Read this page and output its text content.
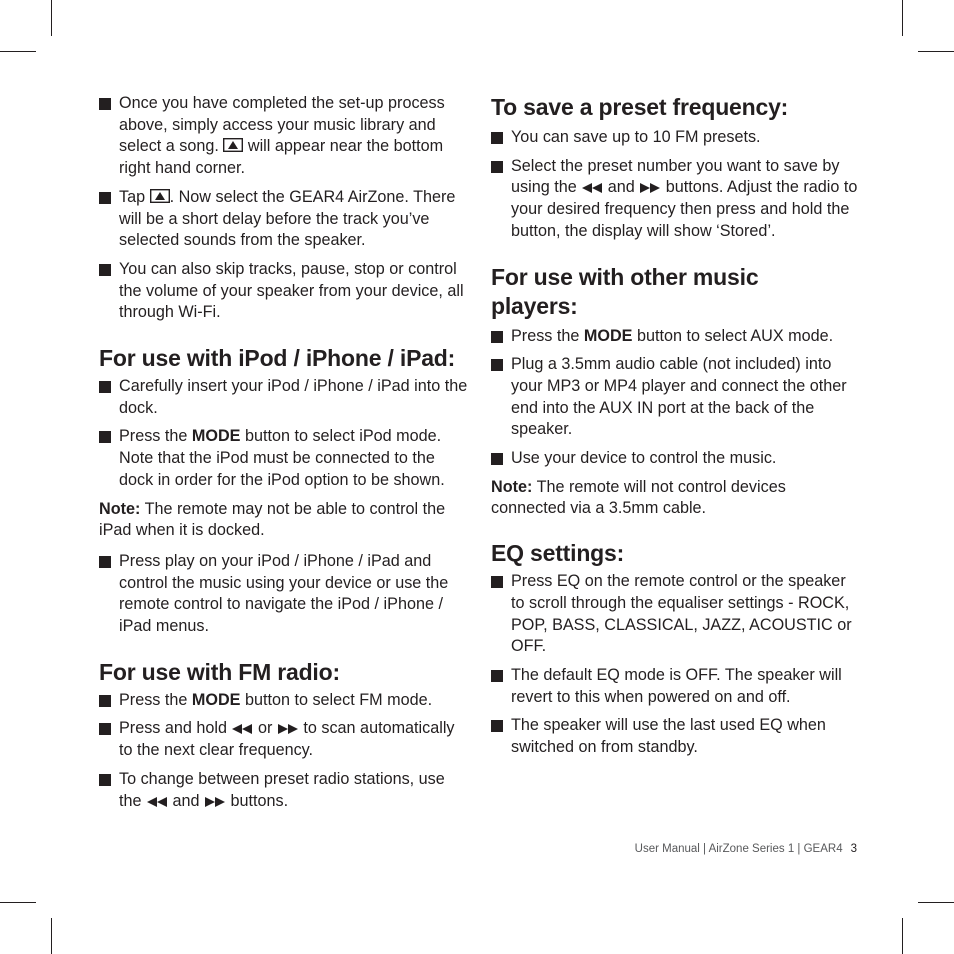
Once you have completed the set-up process above, simply access your music library and select a song.  will appear near the bottom right hand corner.
Tap . Now select the GEAR4 AirZone. There will be a short delay before the track you’ve selected sounds from the speaker.
You can also skip tracks, pause, stop or control the volume of your speaker from your device, all through Wi-Fi.
For use with iPod / iPhone / iPad:
Carefully insert your iPod / iPhone / iPad into the dock.
Press the MODE button to select iPod mode. Note that the iPod must be connected to the dock in order for the iPod option to be shown.

Note: The remote may not be able to control the iPad when it is docked.

Press play on your iPod / iPhone / iPad and control the music using your device or use the remote control to navigate the iPod / iPhone / iPad menus.
For use with FM radio:
Press the MODE button to select FM mode.
Press and hold  or  to scan automatically to the next clear frequency.
To change between preset radio stations, use the  and  buttons.
To save a preset frequency:
You can save up to 10 FM presets.
Select the preset number you want to save by using the  and  buttons. Adjust the radio to your desired frequency then press and hold the button, the display will show ‘Stored’.
For use with other music players:
Press the MODE button to select AUX mode.
Plug a 3.5mm audio cable (not included) into your MP3 or MP4 player and connect the other end into the AUX IN port at the back of the speaker.
Use your device to control the music.

Note: The remote will not control devices connected via a 3.5mm cable.

EQ settings:
Press EQ on the remote control or the speaker to scroll through the equaliser settings - ROCK, POP, BASS, CLASSICAL, JAZZ, ACOUSTIC or OFF.
The default EQ mode is OFF. The speaker will revert to this when powered on and off.
The speaker will use the last used EQ when switched on from standby.
User Manual | AirZone Series 1 | GEAR4 3
